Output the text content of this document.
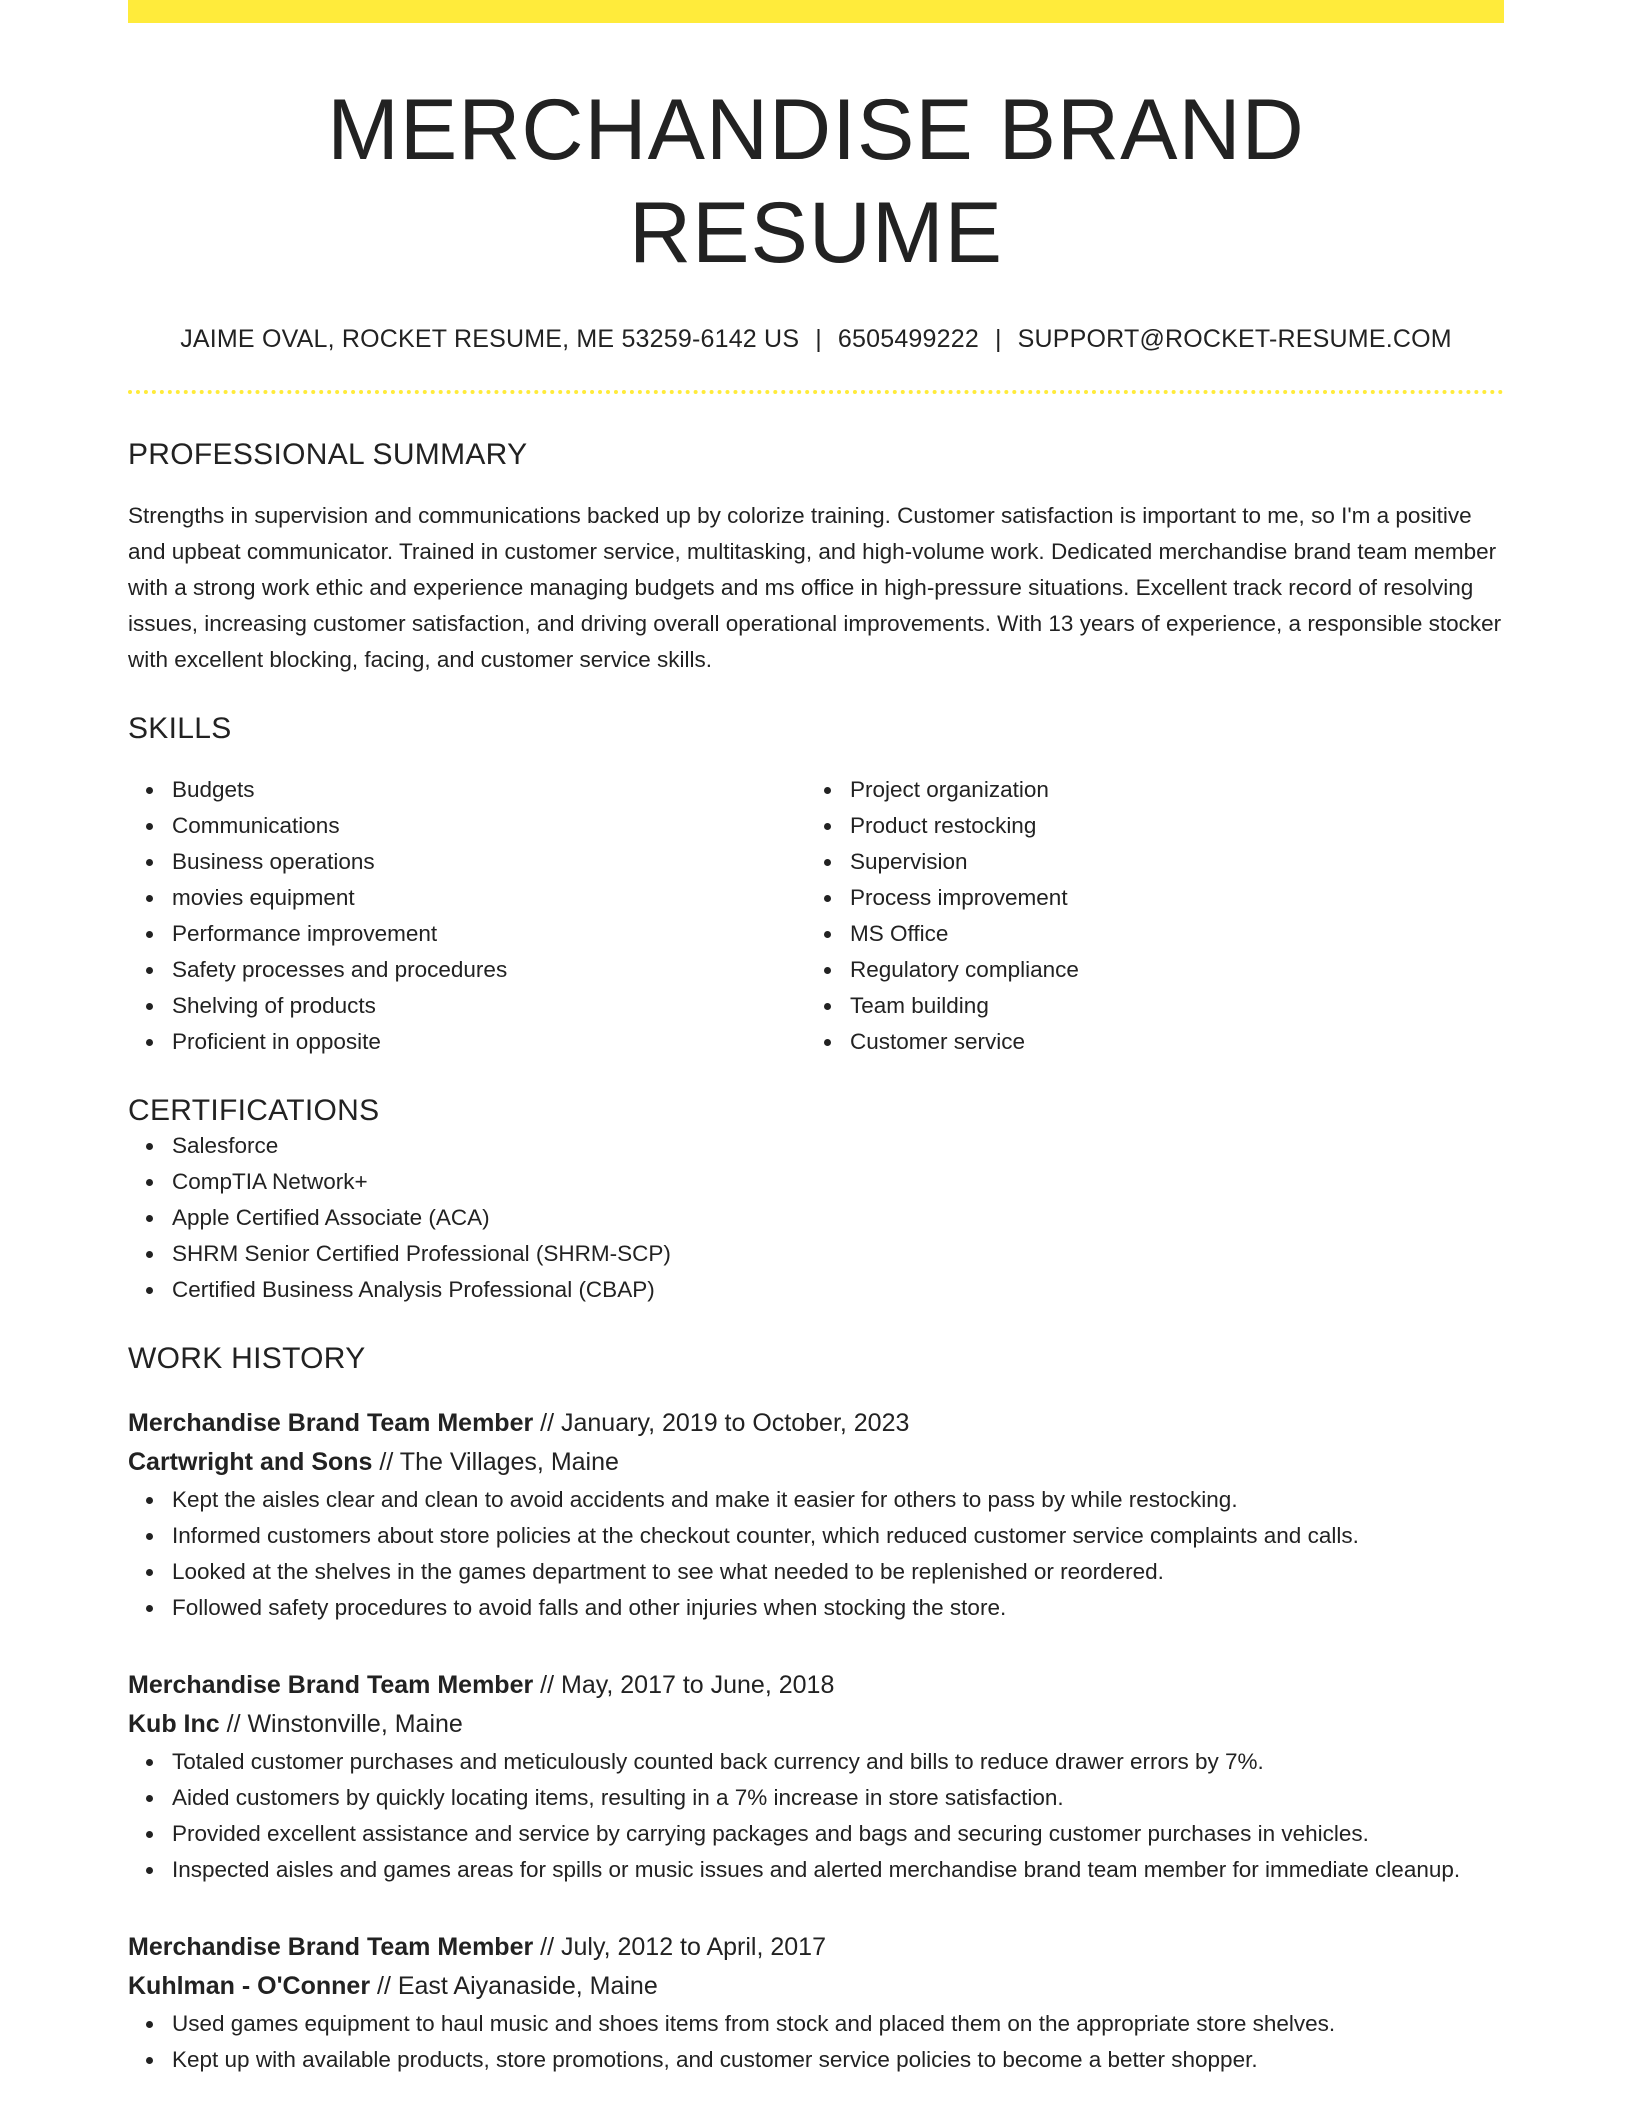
MERCHANDISE BRAND RESUME
JAIME OVAL, ROCKET RESUME, ME 53259-6142 US | 6505499222 | SUPPORT@ROCKET-RESUME.COM
PROFESSIONAL SUMMARY

Strengths in supervision and communications backed up by colorize training. Customer satisfaction is important to me, so I'm a positive and upbeat communicator. Trained in customer service, multitasking, and high-volume work. Dedicated merchandise brand team member with a strong work ethic and experience managing budgets and ms office in high-pressure situations. Excellent track record of resolving issues, increasing customer satisfaction, and driving overall operational improvements. With 13 years of experience, a responsible stocker with excellent blocking, facing, and customer service skills.

SKILLS
Budgets
Communications
Business operations
movies equipment
Performance improvement
Safety processes and procedures
Shelving of products
Proficient in opposite
Project organization
Product restocking
Supervision
Process improvement
MS Office
Regulatory compliance
Team building
Customer service
CERTIFICATIONS
Salesforce
CompTIA Network+
Apple Certified Associate (ACA)
SHRM Senior Certified Professional (SHRM-SCP)
Certified Business Analysis Professional (CBAP)
WORK HISTORY
Merchandise Brand Team Member // January, 2019 to October, 2023
Cartwright and Sons // The Villages, Maine
Kept the aisles clear and clean to avoid accidents and make it easier for others to pass by while restocking.
Informed customers about store policies at the checkout counter, which reduced customer service complaints and calls.
Looked at the shelves in the games department to see what needed to be replenished or reordered.
Followed safety procedures to avoid falls and other injuries when stocking the store.
Merchandise Brand Team Member // May, 2017 to June, 2018
Kub Inc // Winstonville, Maine
Totaled customer purchases and meticulously counted back currency and bills to reduce drawer errors by 7%.
Aided customers by quickly locating items, resulting in a 7% increase in store satisfaction.
Provided excellent assistance and service by carrying packages and bags and securing customer purchases in vehicles.
Inspected aisles and games areas for spills or music issues and alerted merchandise brand team member for immediate cleanup.
Merchandise Brand Team Member // July, 2012 to April, 2017
Kuhlman - O'Conner // East Aiyanaside, Maine
Used games equipment to haul music and shoes items from stock and placed them on the appropriate store shelves.
Kept up with available products, store promotions, and customer service policies to become a better shopper.
